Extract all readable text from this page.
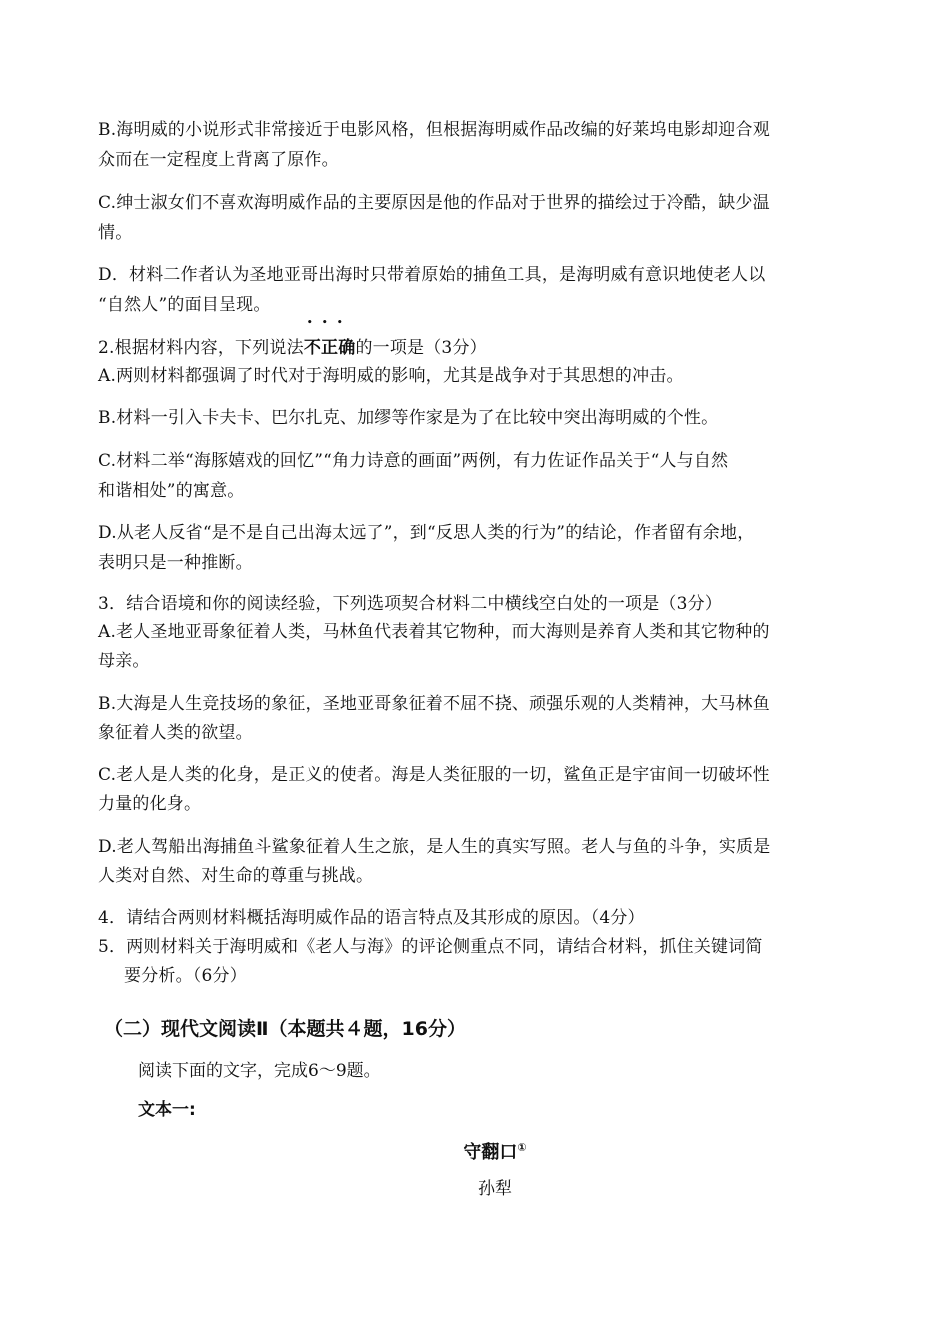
B.海明威的小说形式非常接近于电影风格，但根据海明威作品改编的好莱坞电影却迎合观
众而在一定程度上背离了原作。
C.绅士淑女们不喜欢海明威作品的主要原因是他的作品对于世界的描绘过于冷酷，缺少温
情。
D．材料二作者认为圣地亚哥出海时只带着原始的捕鱼工具，是海明威有意识地使老人以
“自然人”的面目呈现。
2.根据材料内容，下列说法•  •  • 不正确的一项是（3分）
A.两则材料都强调了时代对于海明威的影响，尤其是战争对于其思想的冲击。
B.材料一引入卡夫卡、巴尔扎克、加缪等作家是为了在比较中突出海明威的个性。
C.材料二举“海豚嬉戏的回忆”“角力诗意的画面”两例，有力佐证作品关于“人与自然
和谐相处”的寓意。
D.从老人反省“是不是自己出海太远了”，到“反思人类的行为”的结论，作者留有余地，
表明只是一种推断。
3．结合语境和你的阅读经验，下列选项契合材料二中横线空白处的一项是（3分）
A.老人圣地亚哥象征着人类，马林鱼代表着其它物种，而大海则是养育人类和其它物种的
母亲。
B.大海是人生竞技场的象征，圣地亚哥象征着不屈不挠、顽强乐观的人类精神，大马林鱼
象征着人类的欲望。
C.老人是人类的化身，是正义的使者。海是人类征服的一切，鲨鱼正是宇宙间一切破坏性
力量的化身。
D.老人驾船出海捕鱼斗鲨象征着人生之旅，是人生的真实写照。老人与鱼的斗争，实质是
人类对自然、对生命的尊重与挑战。
4．请结合两则材料概括海明威作品的语言特点及其形成的原因。（4分）
5．两则材料关于海明威和《老人与海》的评论侧重点不同，请结合材料，抓住关键词简
要分析。（6分）
（二）现代文阅读Ⅱ（本题共４题，16分）
阅读下面的文字，完成6～9题。
文本一:
守翻口①
孙犁
